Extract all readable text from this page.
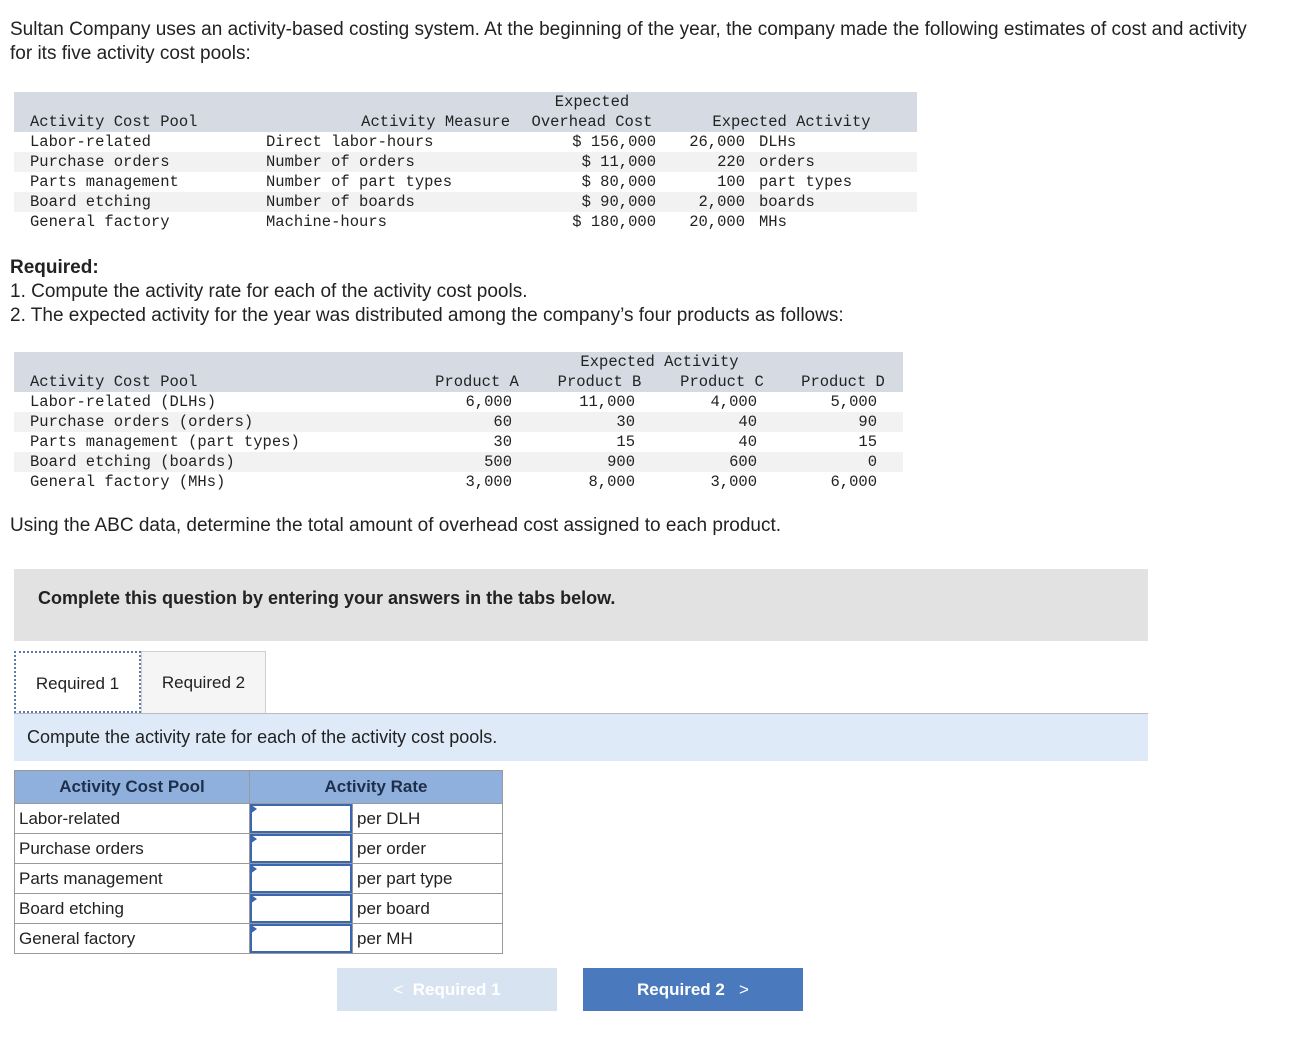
Sultan Company uses an activity-based costing system. At the beginning of the year, the company made the following estimates of cost and activity for its five activity cost pools:
		Expected		
Activity Cost Pool	Activity Measure	Overhead Cost	Expected Activity	
Labor-related	Direct labor-hours	$ 156,000	26,000	DLHs
Purchase orders	Number of orders	$ 11,000	220	orders
Parts management	Number of part types	$ 80,000	100	part types
Board etching	Number of boards	$ 90,000	2,000	boards
General factory	Machine-hours	$ 180,000	20,000	MHs
Required:
1. Compute the activity rate for each of the activity cost pools.
2. The expected activity for the year was distributed among the company’s four products as follows:
	Expected Activity			
Activity Cost Pool	Product A	Product B	Product C	Product D
Labor-related (DLHs)	6,000	11,000	4,000	5,000
Purchase orders (orders)	60	30	40	90
Parts management (part types)	30	15	40	15
Board etching (boards)	500	900	600	0
General factory (MHs)	3,000	8,000	3,000	6,000
Using the ABC data, determine the total amount of overhead cost assigned to each product.
Complete this question by entering your answers in the tabs below.
Required 1	Required 2
Compute the activity rate for each of the activity cost pools.
Activity Cost Pool	Activity Rate	
Labor-related		per DLH
Purchase orders		per order
Parts management		per part type
Board etching		per board
General factory		per MH
< Required 1	Required 2 >
